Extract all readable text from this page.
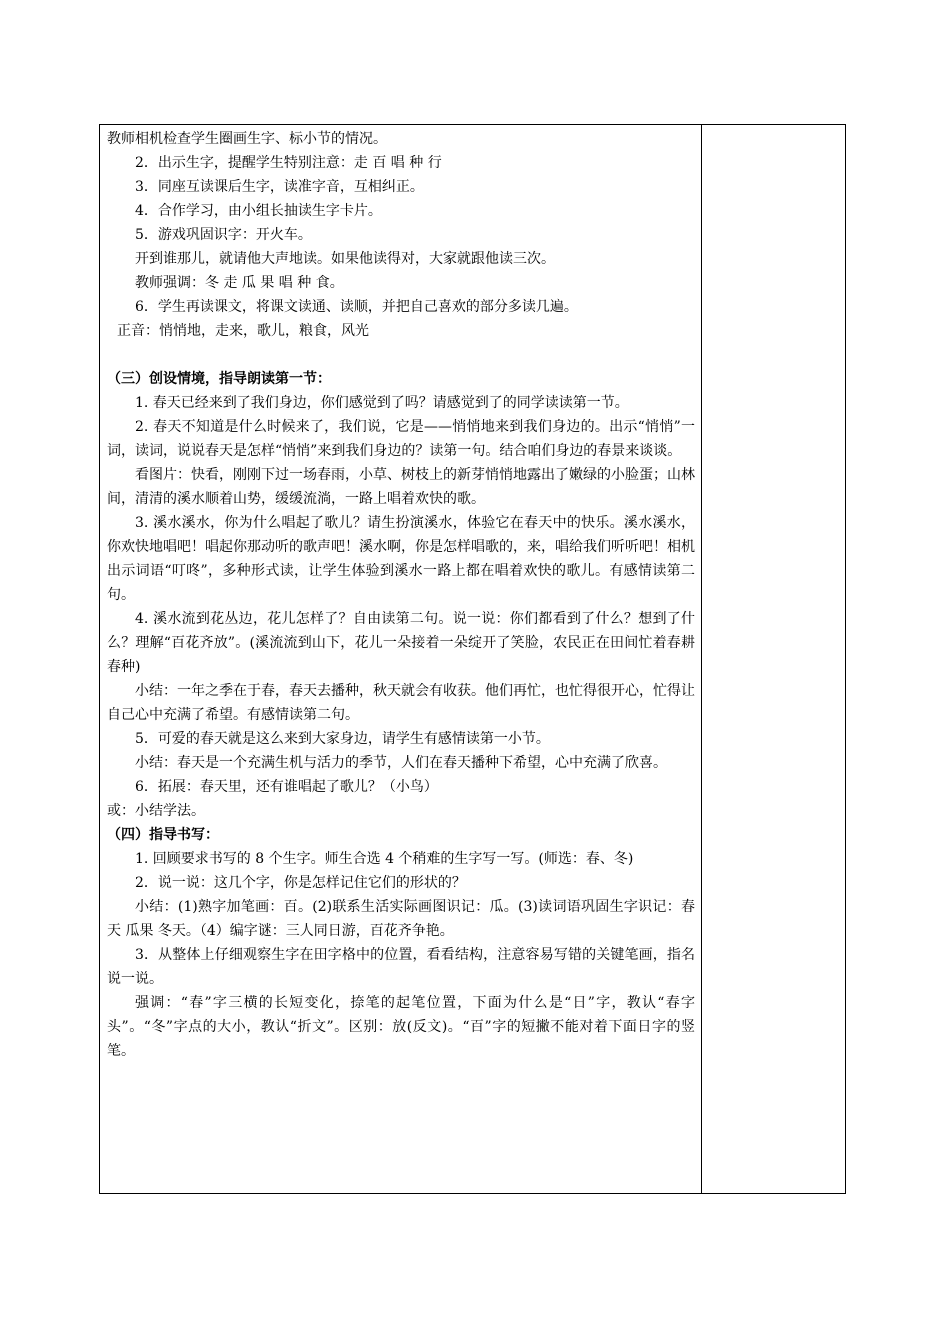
教师相机检查学生圈画生字、标小节的情况。

2．出示生字，提醒学生特别注意：走 百 唱 种 行

3．同座互读课后生字，读准字音，互相纠正。

4．合作学习，由小组长抽读生字卡片。

5．游戏巩固识字：开火车。

开到谁那儿，就请他大声地读。如果他读得对，大家就跟他读三次。

教师强调：冬 走 瓜 果 唱 种 食。

6．学生再读课文，将课文读通、读顺，并把自己喜欢的部分多读几遍。

正音：悄悄地，走来，歌儿，粮食，风光

（三）创设情境，指导朗读第一节：

1. 春天已经来到了我们身边，你们感觉到了吗？请感觉到了的同学读读第一节。

2. 春天不知道是什么时候来了，我们说，它是——悄悄地来到我们身边的。出示“悄悄”一词，读词，说说春天是怎样“悄悄”来到我们身边的？读第一句。结合咱们身边的春景来谈谈。

看图片：快看，刚刚下过一场春雨，小草、树枝上的新芽悄悄地露出了嫩绿的小脸蛋；山林间，清清的溪水顺着山势，缓缓流淌，一路上唱着欢快的歌。

3. 溪水溪水，你为什么唱起了歌儿？请生扮演溪水，体验它在春天中的快乐。溪水溪水，你欢快地唱吧！唱起你那动听的歌声吧！溪水啊，你是怎样唱歌的，来，唱给我们听听吧！相机出示词语“叮咚”，多种形式读，让学生体验到溪水一路上都在唱着欢快的歌儿。有感情读第二句。

4. 溪水流到花丛边，花儿怎样了？自由读第二句。说一说：你们都看到了什么？想到了什么？理解“百花齐放”。(溪流流到山下，花儿一朵接着一朵绽开了笑脸，农民正在田间忙着春耕春种)

小结：一年之季在于春，春天去播种，秋天就会有收获。他们再忙，也忙得很开心，忙得让自己心中充满了希望。有感情读第二句。

5．可爱的春天就是这么来到大家身边，请学生有感情读第一小节。

小结：春天是一个充满生机与活力的季节，人们在春天播种下希望，心中充满了欣喜。

6．拓展：春天里，还有谁唱起了歌儿？（小鸟）

或：小结学法。

（四）指导书写：

1. 回顾要求书写的 8 个生字。师生合选 4 个稍难的生字写一写。(师选：春、冬)

2．说一说：这几个字，你是怎样记住它们的形状的？

小结：(1)熟字加笔画：百。(2)联系生活实际画图识记：瓜。(3)读词语巩固生字识记：春天 瓜果 冬天。（4）编字谜：三人同日游，百花齐争艳。

3．从整体上仔细观察生字在田字格中的位置，看看结构，注意容易写错的关键笔画，指名说一说。

强调：“春”字三横的长短变化，捺笔的起笔位置，下面为什么是“日”字，教认“春字头”。“冬”字点的大小，教认“折文”。区别：放(反文)。“百”字的短撇不能对着下面日字的竖笔。
